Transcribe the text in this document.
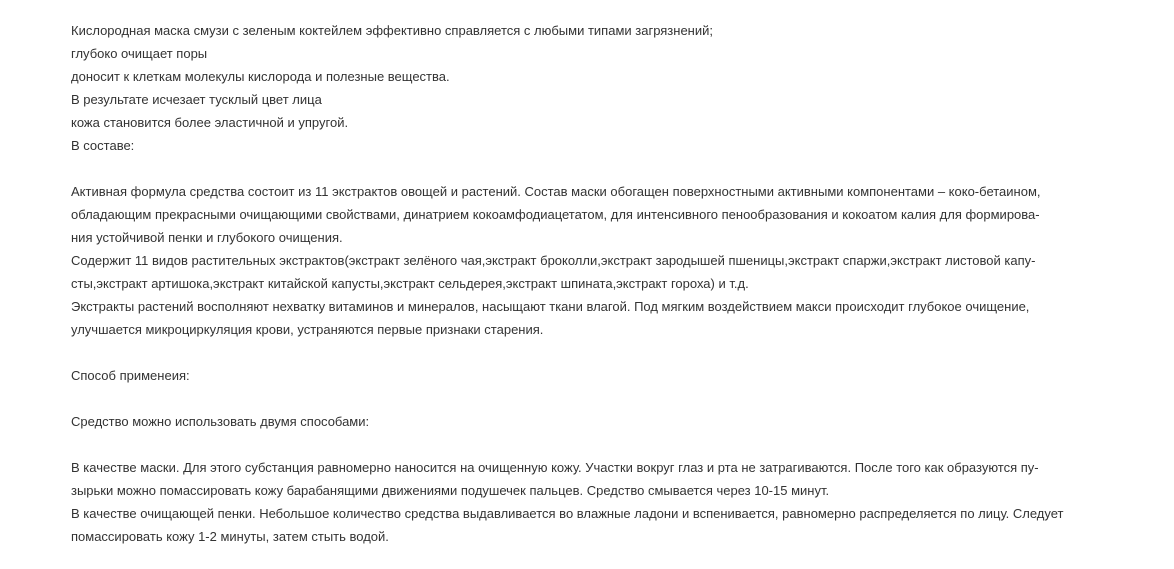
Кислородная маска смузи с зеленым коктейлем эффективно справляется с любыми типами загрязнений;
глубоко очищает поры
доносит к клеткам молекулы кислорода и полезные вещества.
В результате исчезает тусклый цвет лица
кожа становится более эластичной и упругой.
В составе:
Активная формула средства состоит из 11 экстрактов овощей и растений. Состав маски обогащен поверхностными активными компонентами – коко-бетаином,
обладающим прекрасными очищающими свойствами, динатрием кокоамфодиацетатом, для интенсивного пенообразования и кокоатом калия для формирова-
ния устойчивой пенки и глубокого очищения.
Содержит 11 видов растительных экстрактов(экстракт зелёного чая,экстракт броколли,экстракт зародышей пшеницы,экстракт спаржи,экстракт листовой капу-
сты,экстракт артишока,экстракт китайской капусты,экстракт сельдерея,экстракт шпината,экстракт гороха) и т.д.
Экстракты растений восполняют нехватку витаминов и минералов, насыщают ткани влагой. Под мягким воздействием макси происходит глубокое очищение,
улучшается микроциркуляция крови, устраняются первые признаки старения.
Способ применеия:
Средство можно использовать двумя способами:
В качестве маски. Для этого субстанция равномерно наносится на очищенную кожу. Участки вокруг глаз и рта не затрагиваются. После того как образуются пу-
зырьки можно помассировать кожу барабанящими движениями подушечек пальцев. Средство смывается через 10-15 минут.
В качестве очищающей пенки. Небольшое количество средства выдавливается во влажные ладони и вспенивается, равномерно распределяется по лицу. Следует
помассировать кожу 1-2 минуты, затем стыть водой.
